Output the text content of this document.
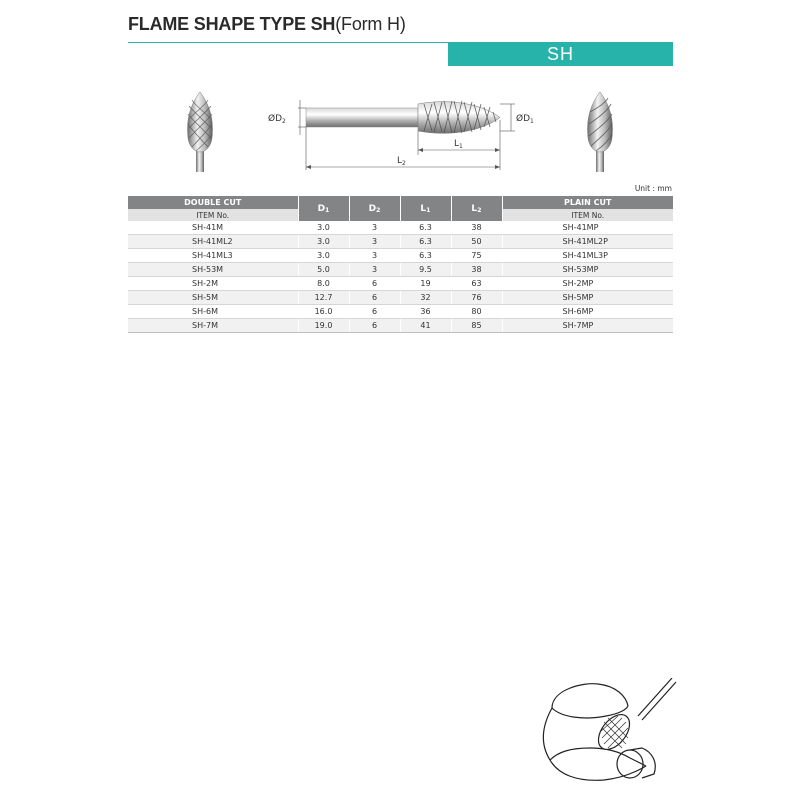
FLAME SHAPE TYPE SH(Form H)
SH
$ØD_2$	$ØD_1$
$L_1$
$L_2$
Unit : mm
DOUBLE CUT	$D_1$	$D_2$	$L_1$	$L_2$	PLAIN CUT
ITEM No.					ITEM No.
SH-41M	3.0	3	6.3	38	SH-41MP
SH-41ML2	3.0	3	6.3	50	SH-41ML2P
SH-41ML3	3.0	3	6.3	75	SH-41ML3P
SH-53M	5.0	3	9.5	38	SH-53MP
SH-2M	8.0	6	19	63	SH-2MP
SH-5M	12.7	6	32	76	SH-5MP
SH-6M	16.0	6	36	80	SH-6MP
SH-7M	19.0	6	41	85	SH-7MP
